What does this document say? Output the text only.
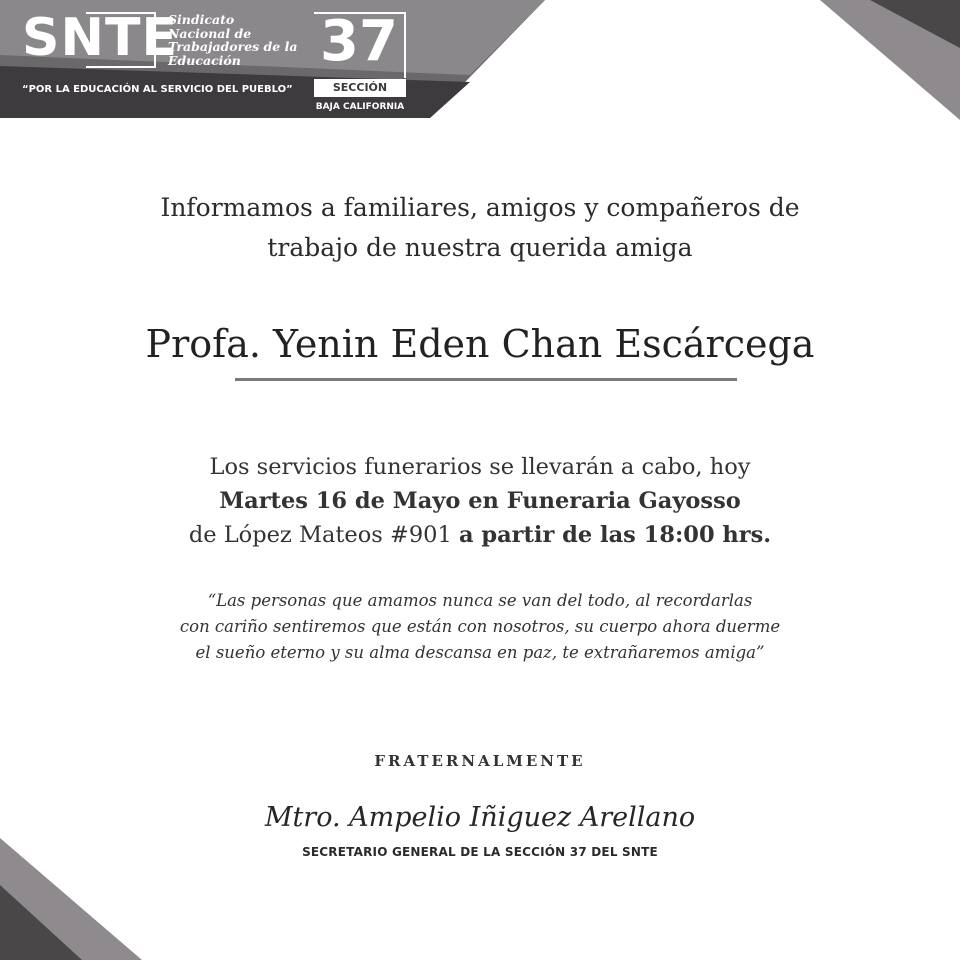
SNTE
Sindicato
Nacional de
Trabajadores de la
Educación
“POR LA EDUCACIÓN AL SERVICIO DEL PUEBLO”
37
SECCIÓN
BAJA CALIFORNIA
Informamos a familiares, amigos y compañeros de
trabajo de nuestra querida amiga
Profa. Yenin Eden Chan Escárcega
Los servicios funerarios se llevarán a cabo, hoy
Martes 16 de Mayo en Funeraria Gayosso
de López Mateos #901 a partir de las 18:00 hrs.
“Las personas que amamos nunca se van del todo, al recordarlas
con cariño sentiremos que están con nosotros, su cuerpo ahora duerme
el sueño eterno y su alma descansa en paz, te extrañaremos amiga”
FRATERNALMENTE
Mtro. Ampelio Iñiguez Arellano
SECRETARIO GENERAL DE LA SECCIÓN 37 DEL SNTE
